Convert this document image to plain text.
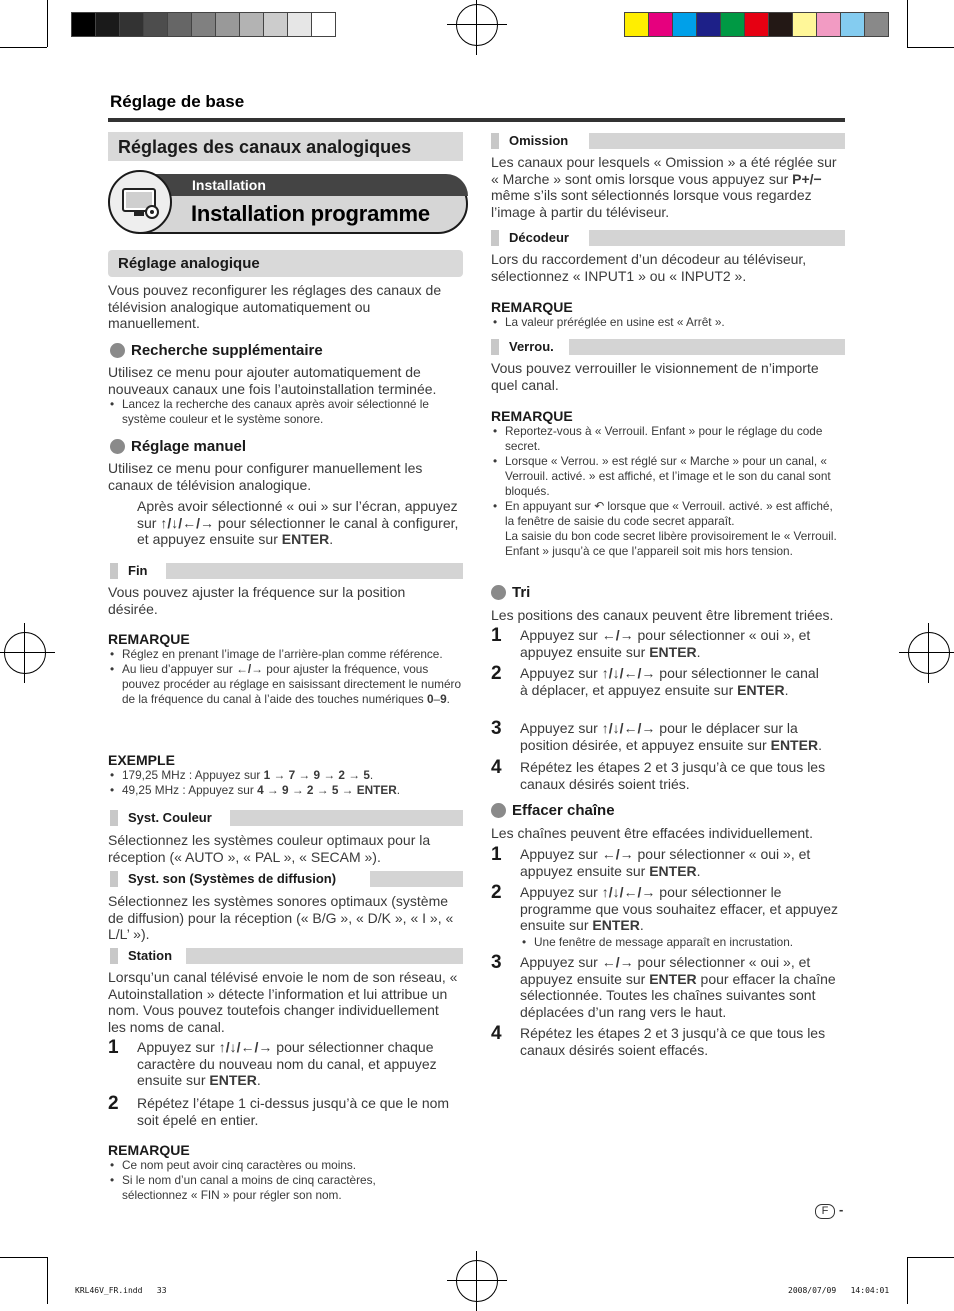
Réglage de base
Réglages des canaux analogiques
Installation
Installation programme
Réglage analogique
Vous pouvez reconfigurer les réglages des canaux de télévision analogique automatiquement ou manuellement.
Recherche supplémentaire
Utilisez ce menu pour ajouter automatiquement de nouveaux canaux une fois l’autoinstallation terminée.
• Lancez la recherche des canaux après avoir sélectionné le système couleur et le système sonore.
Réglage manuel
Utilisez ce menu pour configurer manuellement les canaux de télévision analogique.
Après avoir sélectionné « oui » sur l’écran, appuyez sur ↑/↓/←/→ pour sélectionner le canal à configurer, et appuyez ensuite sur ENTER.
Fin
Vous pouvez ajuster la fréquence sur la position désirée.
REMARQUE
• Réglez en prenant l’image de l’arrière-plan comme référence.
• Au lieu d’appuyer sur ←/→ pour ajuster la fréquence, vous pouvez procéder au réglage en saisissant directement le numéro de la fréquence du canal à l’aide des touches numériques 0–9.
EXEMPLE
• 179,25 MHz : Appuyez sur 1 → 7 → 9 → 2 → 5.
• 49,25 MHz : Appuyez sur 4 → 9 → 2 → 5 → ENTER.
Syst. Couleur
Sélectionnez les systèmes couleur optimaux pour la réception (« AUTO », « PAL », « SECAM »).
Syst. son (Systèmes de diffusion)
Sélectionnez les systèmes sonores optimaux (système de diffusion) pour la réception (« B/G », « D/K », « I », « L/L’ »).
Station
Lorsqu’un canal télévisé envoie le nom de son réseau, « Autoinstallation » détecte l’information et lui attribue un nom. Vous pouvez toutefois changer individuellement les noms de canal.
1	Appuyez sur ↑/↓/←/→ pour sélectionner chaque caractère du nouveau nom du canal, et appuyez ensuite sur ENTER.
2	Répétez l’étape 1 ci-dessus jusqu’à ce que le nom soit épelé en entier.
REMARQUE
• Ce nom peut avoir cinq caractères ou moins.
• Si le nom d’un canal a moins de cinq caractères, sélectionnez « FIN » pour régler son nom.
Omission
Les canaux pour lesquels « Omission » a été réglée sur « Marche » sont omis lorsque vous appuyez sur P+/− même s’ils sont sélectionnés lorsque vous regardez l’image à partir du téléviseur.
Décodeur
Lors du raccordement d’un décodeur au téléviseur, sélectionnez « INPUT1 » ou « INPUT2 ».
REMARQUE
• La valeur préréglée en usine est « Arrêt ».
Verrou.
Vous pouvez verrouiller le visionnement de n’importe quel canal.
REMARQUE
• Reportez-vous à « Verrouil. Enfant » pour le réglage du code secret.
• Lorsque « Verrou. » est réglé sur « Marche » pour un canal, « Verrouil. activé. » est affiché, et l’image et le son du canal sont bloqués.
• En appuyant sur ↶ lorsque que « Verrouil. activé. » est affiché, la fenêtre de saisie du code secret apparaît.
La saisie du bon code secret libère provisoirement le « Verrouil. Enfant » jusqu’à ce que l’appareil soit mis hors tension.
Tri
Les positions des canaux peuvent être librement triées.
1	Appuyez sur ←/→ pour sélectionner « oui », et appuyez ensuite sur ENTER.
2	Appuyez sur ↑/↓/←/→ pour sélectionner le canal à déplacer, et appuyez ensuite sur ENTER.
3	Appuyez sur ↑/↓/←/→ pour le déplacer sur la position désirée, et appuyez ensuite sur ENTER.
4	Répétez les étapes 2 et 3 jusqu’à ce que tous les canaux désirés soient triés.
Effacer chaîne
Les chaînes peuvent être effacées individuellement.
1	Appuyez sur ←/→ pour sélectionner « oui », et appuyez ensuite sur ENTER.
2	Appuyez sur ↑/↓/←/→ pour sélectionner le programme que vous souhaitez effacer, et appuyez ensuite sur ENTER.
• Une fenêtre de message apparaît en incrustation.
3	Appuyez sur ←/→ pour sélectionner « oui », et appuyez ensuite sur ENTER pour effacer la chaîne sélectionnée. Toutes les chaînes suivantes sont déplacées d’un rang vers le haut.
4	Répétez les étapes 2 et 3 jusqu’à ce que tous les canaux désirés soient effacés.
F -
KRL46V_FR.indd   33	2008/07/09   14:04:01
